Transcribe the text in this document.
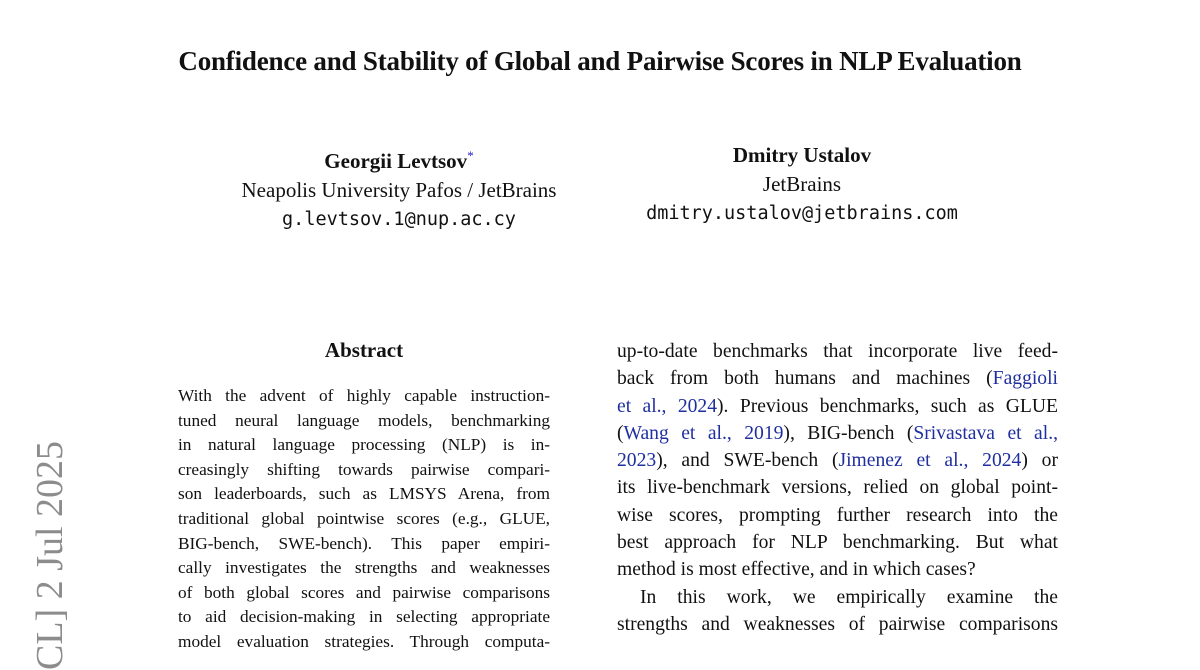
Confidence and Stability of Global and Pairwise Scores in NLP Evaluation
Georgii Levtsov*
Neapolis University Pafos / JetBrains
g.levtsov.1@nup.ac.cy
Dmitry Ustalov
JetBrains
dmitry.ustalov@jetbrains.com
CL] 2 Jul 2025
Abstract
With the advent of highly capable instruction-
tuned neural language models, benchmarking
in natural language processing (NLP) is in-
creasingly shifting towards pairwise compari-
son leaderboards, such as LMSYS Arena, from
traditional global pointwise scores (e.g., GLUE,
BIG-bench, SWE-bench). This paper empiri-
cally investigates the strengths and weaknesses
of both global scores and pairwise comparisons
to aid decision-making in selecting appropriate
model evaluation strategies. Through computa-
up-to-date benchmarks that incorporate live feed-
back from both humans and machines (Faggioli
et al., 2024). Previous benchmarks, such as GLUE
(Wang et al., 2019), BIG-bench (Srivastava et al.,
2023), and SWE-bench (Jimenez et al., 2024) or
its live-benchmark versions, relied on global point-
wise scores, prompting further research into the
best approach for NLP benchmarking. But what
method is most effective, and in which cases?
In this work, we empirically examine the
strengths and weaknesses of pairwise comparisons
